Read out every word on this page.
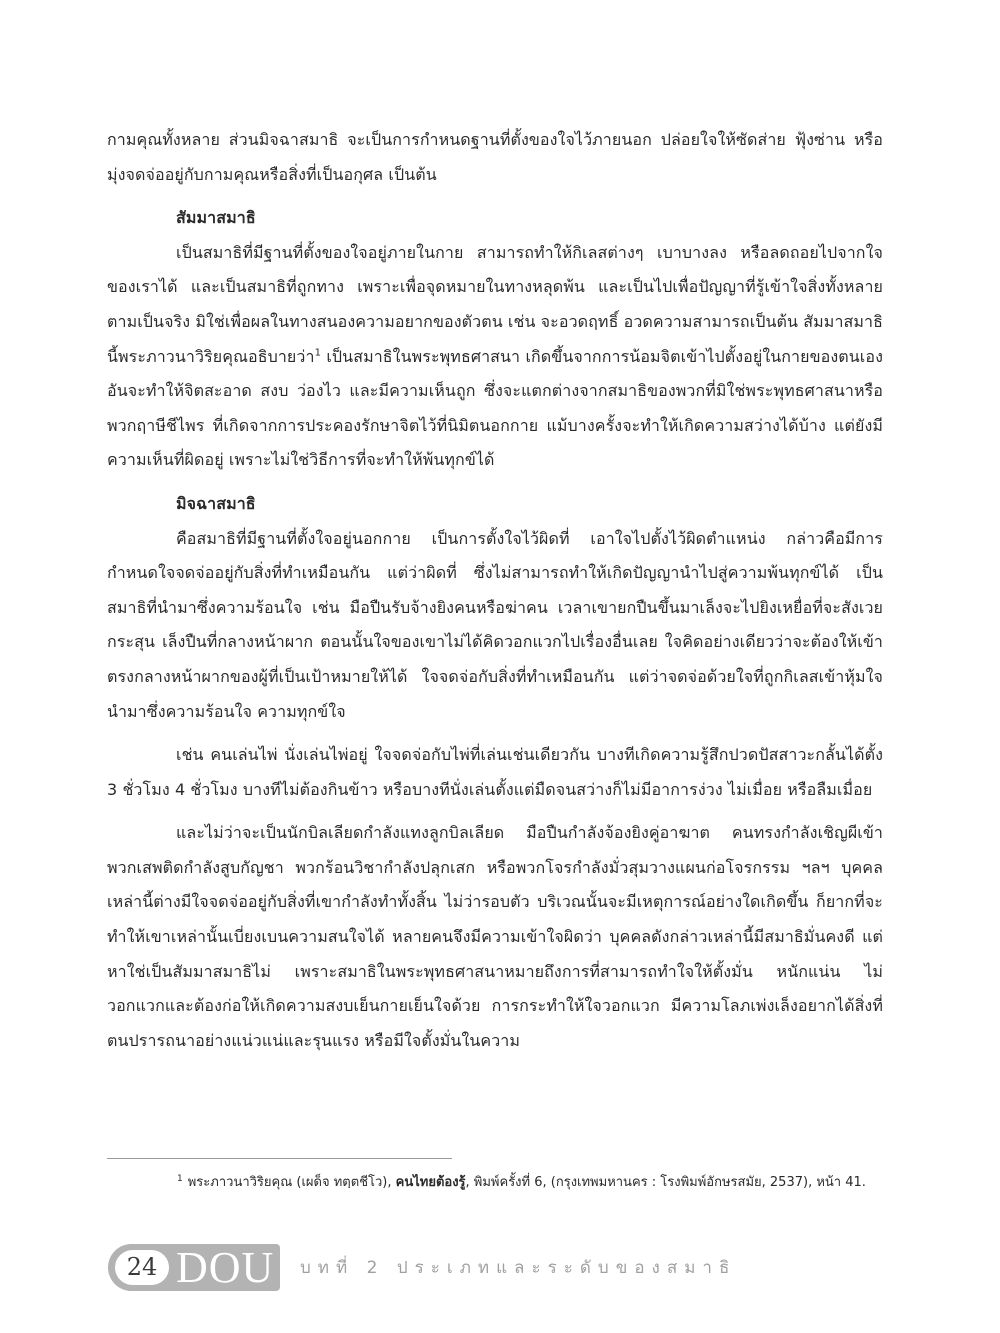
กามคุณทั้งหลาย ส่วนมิจฉาสมาธิ จะเป็นการกำหนดฐานที่ตั้งของใจไว้ภายนอก ปล่อยใจให้ซัดส่าย ฟุ้งซ่าน หรือมุ่งจดจ่ออยู่กับกามคุณหรือสิ่งที่เป็นอกุศล เป็นต้น

สัมมาสมาธิ

เป็นสมาธิที่มีฐานที่ตั้งของใจอยู่ภายในกาย สามารถทำให้กิเลสต่างๆ เบาบางลง หรือลดถอยไปจากใจของเราได้ และเป็นสมาธิที่ถูกทาง เพราะเพื่อจุดหมายในทางหลุดพ้น และเป็นไปเพื่อปัญญาที่รู้เข้าใจสิ่งทั้งหลายตามเป็นจริง มิใช่เพื่อผลในทางสนองความอยากของตัวตน เช่น จะอวดฤทธิ์ อวดความสามารถเป็นต้น สัมมาสมาธินี้พระภาวนาวิริยคุณอธิบายว่า$^1$ เป็นสมาธิในพระพุทธศาสนา เกิดขึ้นจากการน้อมจิตเข้าไปตั้งอยู่ในกายของตนเอง อันจะทำให้จิตสะอาด สงบ ว่องไว และมีความเห็นถูก ซึ่งจะแตกต่างจากสมาธิของพวกที่มิใช่พระพุทธศาสนาหรือพวกฤาษีชีไพร ที่เกิดจากการประคองรักษาจิตไว้ที่นิมิตนอกกาย แม้บางครั้งจะทำให้เกิดความสว่างได้บ้าง แต่ยังมีความเห็นที่ผิดอยู่ เพราะไม่ใช่วิธีการที่จะทำให้พ้นทุกข์ได้

มิจฉาสมาธิ

คือสมาธิที่มีฐานที่ตั้งใจอยู่นอกกาย เป็นการตั้งใจไว้ผิดที่ เอาใจไปตั้งไว้ผิดตำแหน่ง กล่าวคือมีการกำหนดใจจดจ่ออยู่กับสิ่งที่ทำเหมือนกัน แต่ว่าผิดที่ ซึ่งไม่สามารถทำให้เกิดปัญญานำไปสู่ความพ้นทุกข์ได้ เป็นสมาธิที่นำมาซึ่งความร้อนใจ เช่น มือปืนรับจ้างยิงคนหรือฆ่าคน เวลาเขายกปืนขึ้นมาเล็งจะไปยิงเหยื่อที่จะสังเวยกระสุน เล็งปืนที่กลางหน้าผาก ตอนนั้นใจของเขาไม่ได้คิดวอกแวกไปเรื่องอื่นเลย ใจคิดอย่างเดียวว่าจะต้องให้เข้าตรงกลางหน้าผากของผู้ที่เป็นเป้าหมายให้ได้ ใจจดจ่อกับสิ่งที่ทำเหมือนกัน แต่ว่าจดจ่อด้วยใจที่ถูกกิเลสเข้าหุ้มใจ นำมาซึ่งความร้อนใจ ความทุกข์ใจ

เช่น คนเล่นไพ่ นั่งเล่นไพ่อยู่ ใจจดจ่อกับไพ่ที่เล่นเช่นเดียวกัน บางทีเกิดความรู้สึกปวดปัสสาวะกลั้นได้ตั้ง 3 ชั่วโมง 4 ชั่วโมง บางทีไม่ต้องกินข้าว หรือบางทีนั่งเล่นตั้งแต่มืดจนสว่างก็ไม่มีอาการง่วง ไม่เมื่อย หรือลืมเมื่อย

และไม่ว่าจะเป็นนักบิลเลียดกำลังแทงลูกบิลเลียด มือปืนกำลังจ้องยิงคู่อาฆาต คนทรงกำลังเชิญผีเข้า พวกเสพติดกำลังสูบกัญชา พวกร้อนวิชากำลังปลุกเสก หรือพวกโจรกำลังมั่วสุมวางแผนก่อโจรกรรม ฯลฯ บุคคลเหล่านี้ต่างมีใจจดจ่ออยู่กับสิ่งที่เขากำลังทำทั้งสิ้น ไม่ว่ารอบตัว บริเวณนั้นจะมีเหตุการณ์อย่างใดเกิดขึ้น ก็ยากที่จะทำให้เขาเหล่านั้นเบี่ยงเบนความสนใจได้ หลายคนจึงมีความเข้าใจผิดว่า บุคคลดังกล่าวเหล่านี้มีสมาธิมั่นคงดี แต่หาใช่เป็นสัมมาสมาธิไม่ เพราะสมาธิในพระพุทธศาสนาหมายถึงการที่สามารถทำใจให้ตั้งมั่น หนักแน่น ไม่วอกแวกและต้องก่อให้เกิดความสงบเย็นกายเย็นใจด้วย การกระทำให้ใจวอกแวก มีความโลภเพ่งเล็งอยากได้สิ่งที่ตนปรารถนาอย่างแน่วแน่และรุนแรง หรือมีใจตั้งมั่นในความ

$^1$ พระภาวนาวิริยคุณ (เผด็จ ทตฺตชีโว), คนไทยต้องรู้, พิมพ์ครั้งที่ 6, (กรุงเทพมหานคร : โรงพิมพ์อักษรสมัย, 2537), หน้า 41.
24 DOU บทที่ 2 ประเภทและระดับของสมาธิ
